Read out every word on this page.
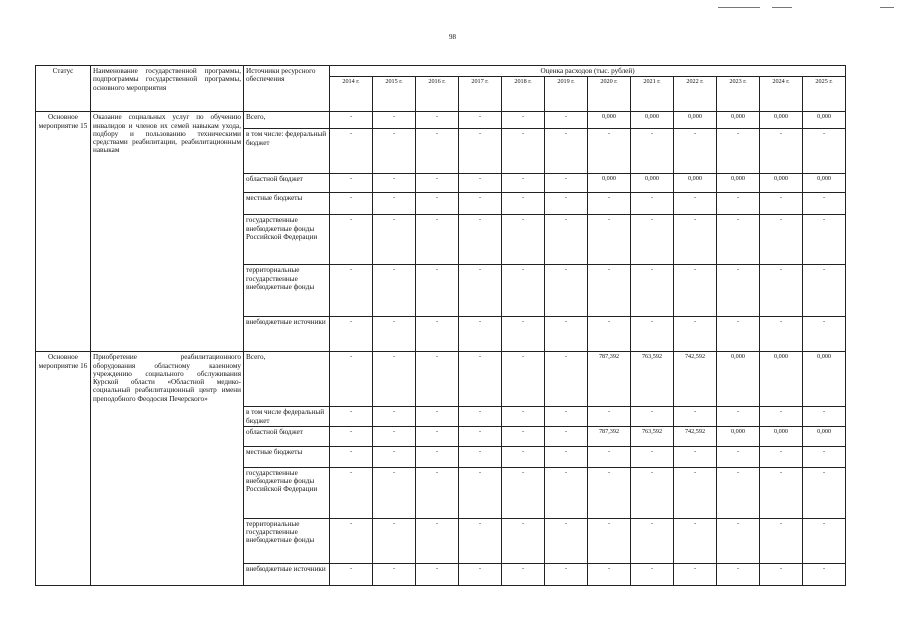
98
Статус	Наименование государственной программы, подпрограммы государственной программы, основного мероприятия	Источники ресурсного обеспечения	Оценка расходов (тыс. рублей)											
			2014 г.	2015 г.	2016 г.	2017 г.	2018 г.	2019 г.	2020 г.	2021 г.	2022 г.	2023 г.	2024 г.	2025 г.
Основное мероприятие 15	Оказание социальных услуг по обучению инвалидов и членов их семей навыкам ухода, подбору и пользованию техническими средствами реабилитации, реабилитационным навыкам	Всего,	-	-	-	-	-	-	0,000	0,000	0,000	0,000	0,000	0,000
		в том числе: федеральный бюджет	-	-	-	-	-	-	-	-	-	-	-	-
		областной бюджет	-	-	-	-	-	-	0,000	0,000	0,000	0,000	0,000	0,000
		местные бюджеты	-	-	-	-	-	-	-	-	-	-	-	-
		государственные внебюджетные фонды Российской Федерации	-	-	-	-	-	-	-	-	-	-	-	-
		территориальные государственные внебюджетные фонды	-	-	-	-	-	-	-	-	-	-	-	-
		внебюджетные источники	-	-	-	-	-	-	-	-	-	-	-	-
Основное мероприятие 16	Приобретение реабилитационного оборудования областному казенному учреждению социального обслуживания Курской области «Областной медико-социальный реабилитационный центр имени преподобного Феодосия Печерского»	Всего,	-	-	-	-	-	-	787,392	763,592	742,592	0,000	0,000	0,000
		в том числе федеральный бюджет	-	-	-	-	-	-	-	-	-	-	-	-
		областной бюджет	-	-	-	-	-	-	787,392	763,592	742,592	0,000	0,000	0,000
		местные бюджеты	-	-	-	-	-	-	-	-	-	-	-	-
		государственные внебюджетные фонды Российской Федерации	-	-	-	-	-	-	-	-	-	-	-	-
		территориальные государственные внебюджетные фонды	-	-	-	-	-	-	-	-	-	-	-	-
		внебюджетные источники	-	-	-	-	-	-	-	-	-	-	-	-
